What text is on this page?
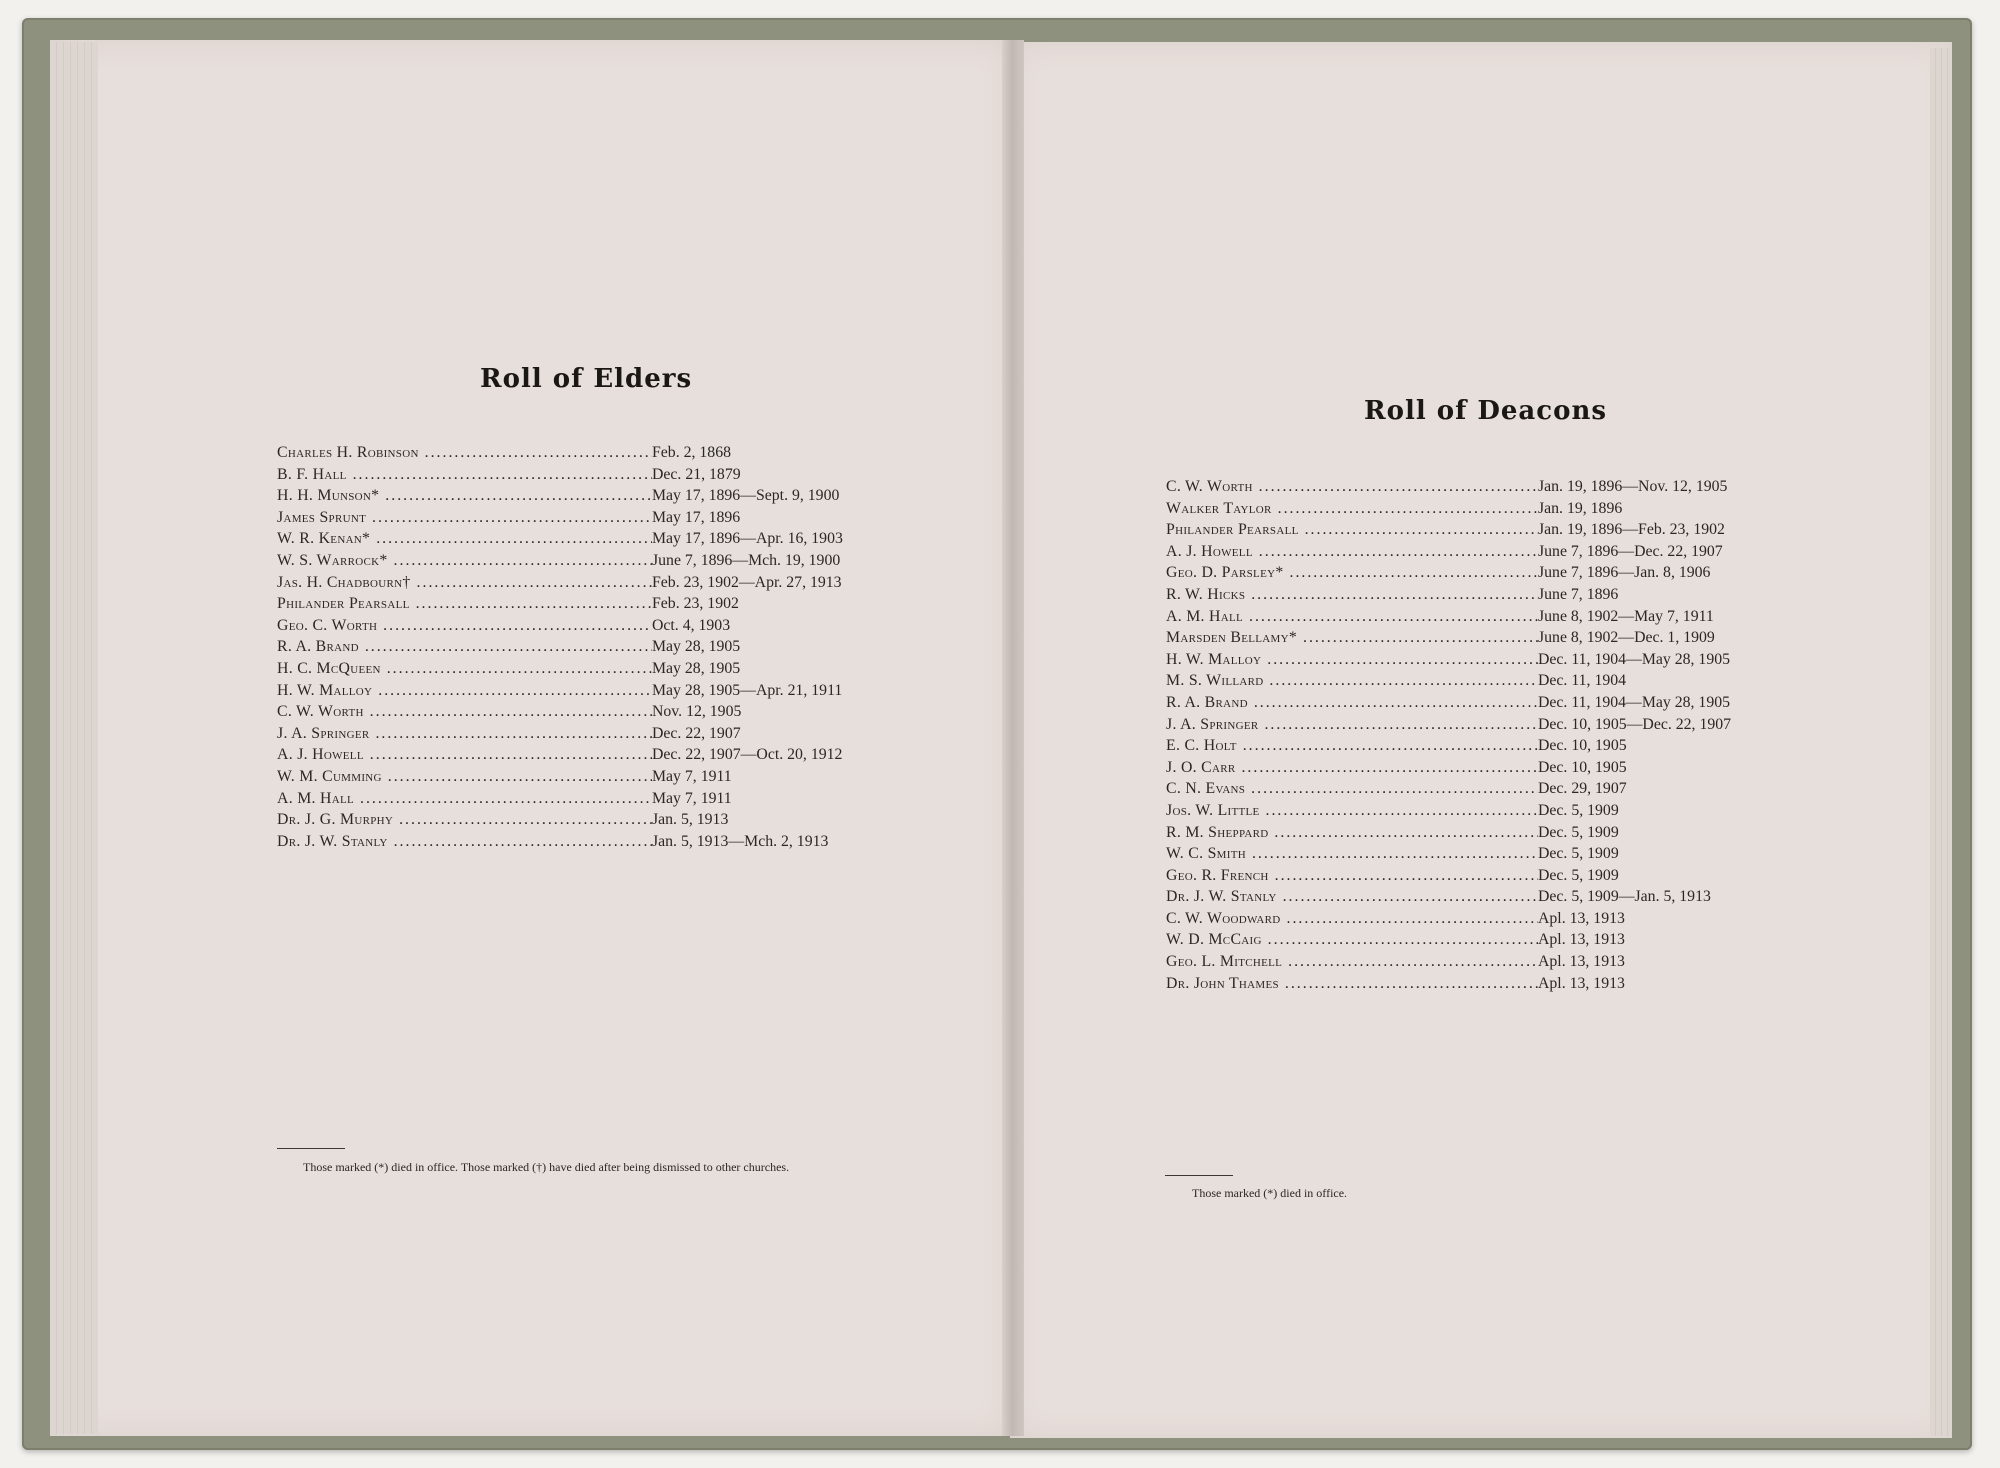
Roll of Elders
Charles H. Robinson .....	Feb. 2, 1868
B. F. Hall .....	Dec. 21, 1879
H. H. Munson* .....	May 17, 1896—Sept. 9, 1900
James Sprunt .....	May 17, 1896
W. R. Kenan* .....	May 17, 1896—Apr. 16, 1903
W. S. Warrock* .....	June 7, 1896—Mch. 19, 1900
Jas. H. Chadbourn† .....	Feb. 23, 1902—Apr. 27, 1913
Philander Pearsall .....	Feb. 23, 1902
Geo. C. Worth .....	Oct. 4, 1903
R. A. Brand .....	May 28, 1905
H. C. McQueen .....	May 28, 1905
H. W. Malloy .....	May 28, 1905—Apr. 21, 1911
C. W. Worth .....	Nov. 12, 1905
J. A. Springer .....	Dec. 22, 1907
A. J. Howell .....	Dec. 22, 1907—Oct. 20, 1912
W. M. Cumming .....	May 7, 1911
A. M. Hall .....	May 7, 1911
Dr. J. G. Murphy .....	Jan. 5, 1913
Dr. J. W. Stanly .....	Jan. 5, 1913—Mch. 2, 1913
Those marked (*) died in office. Those marked (†) have died after being dismissed to other churches.
Roll of Deacons
C. W. Worth .....	Jan. 19, 1896—Nov. 12, 1905
Walker Taylor .....	Jan. 19, 1896
Philander Pearsall .....	Jan. 19, 1896—Feb. 23, 1902
A. J. Howell .....	June 7, 1896—Dec. 22, 1907
Geo. D. Parsley* .....	June 7, 1896—Jan. 8, 1906
R. W. Hicks .....	June 7, 1896
A. M. Hall .....	June 8, 1902—May 7, 1911
Marsden Bellamy* .....	June 8, 1902—Dec. 1, 1909
H. W. Malloy .....	Dec. 11, 1904—May 28, 1905
M. S. Willard .....	Dec. 11, 1904
R. A. Brand .....	Dec. 11, 1904—May 28, 1905
J. A. Springer .....	Dec. 10, 1905—Dec. 22, 1907
E. C. Holt .....	Dec. 10, 1905
J. O. Carr .....	Dec. 10, 1905
C. N. Evans .....	Dec. 29, 1907
Jos. W. Little .....	Dec. 5, 1909
R. M. Sheppard .....	Dec. 5, 1909
W. C. Smith .....	Dec. 5, 1909
Geo. R. French .....	Dec. 5, 1909
Dr. J. W. Stanly .....	Dec. 5, 1909—Jan. 5, 1913
C. W. Woodward .....	Apl. 13, 1913
W. D. McCaig .....	Apl. 13, 1913
Geo. L. Mitchell .....	Apl. 13, 1913
Dr. John Thames .....	Apl. 13, 1913
Those marked (*) died in office.
